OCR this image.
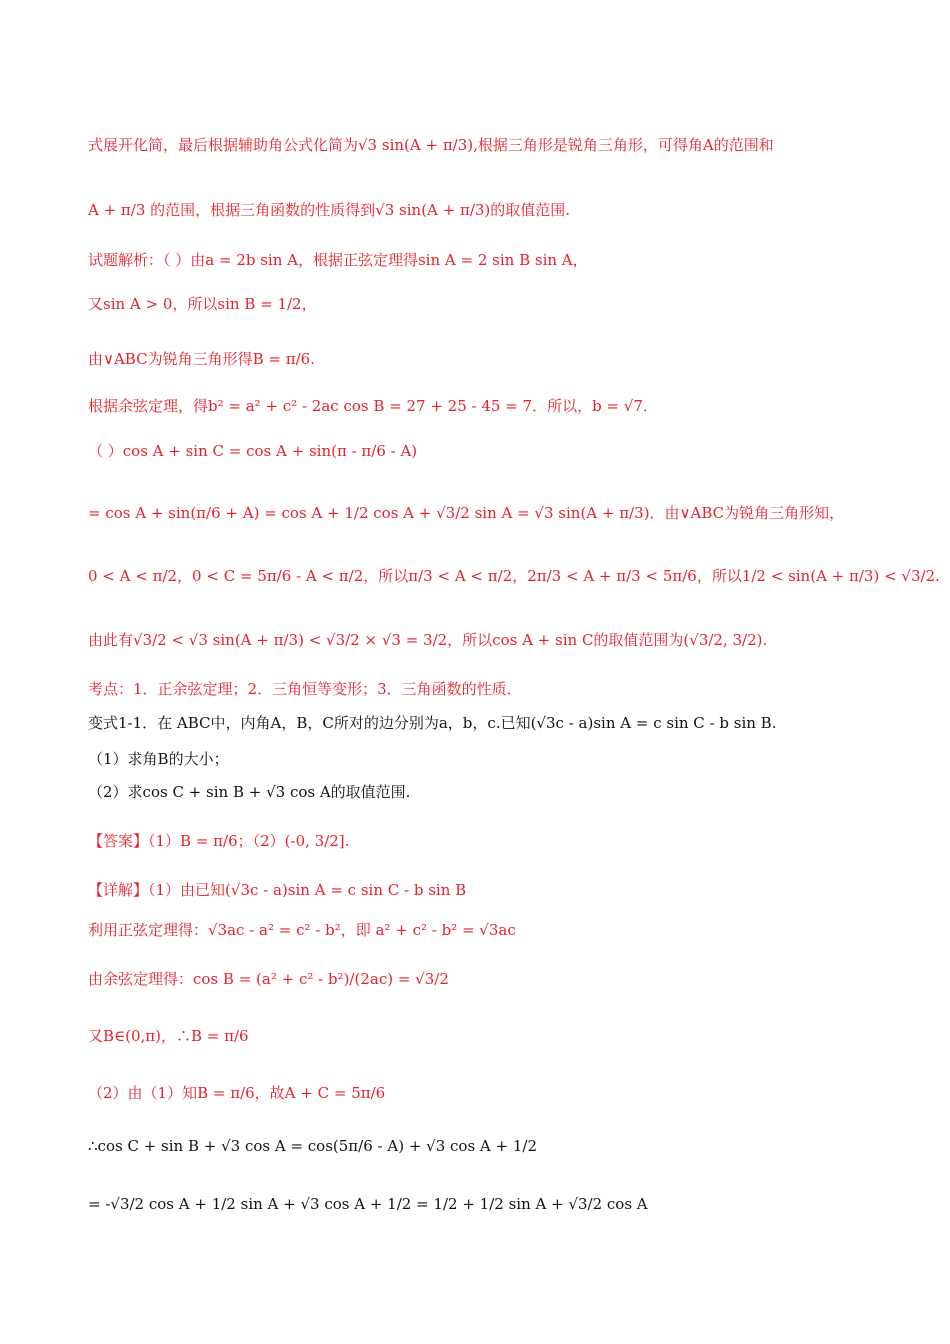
式展开化简，最后根据辅助角公式化简为√3 sin(A + π/3),根据三角形是锐角三角形，可得角A的范围和
A + π/3 的范围，根据三角函数的性质得到√3 sin(A + π/3)的取值范围.
试题解析：（ ）由a = 2b sin A，根据正弦定理得sin A = 2 sin B sin A，
又sin A > 0，所以sin B = 1/2，
由∨ABC为锐角三角形得B = π/6.
根据余弦定理，得b² = a² + c² - 2ac cos B = 27 + 25 - 45 = 7．所以，b = √7．
（ ）cos A + sin C = cos A + sin(π - π/6 - A)
= cos A + sin(π/6 + A) = cos A + 1/2 cos A + √3/2 sin A = √3 sin(A + π/3)．由∨ABC为锐角三角形知，
0 < A < π/2，0 < C = 5π/6 - A < π/2，所以π/3 < A < π/2，2π/3 < A + π/3 < 5π/6，所以1/2 < sin(A + π/3) < √3/2.
由此有√3/2 < √3 sin(A + π/3) < √3/2 × √3 = 3/2，所以cos A + sin C的取值范围为(√3/2, 3/2).
考点：1．正余弦定理；2．三角恒等变形；3．三角函数的性质．
变式1-1．在 ABC中，内角A，B，C所对的边分别为a，b，c.已知(√3c - a)sin A = c sin C - b sin B.
（1）求角B的大小；
（2）求cos C + sin B + √3 cos A的取值范围.
【答案】（1）B = π/6；（2）(-0, 3/2].
【详解】（1）由已知(√3c - a)sin A = c sin C - b sin B
利用正弦定理得：√3ac - a² = c² - b²，即 a² + c² - b² = √3ac
由余弦定理得：cos B = (a² + c² - b²)/(2ac) = √3/2
又B∈(0,π)，∴B = π/6
（2）由（1）知B = π/6，故A + C = 5π/6
∴cos C + sin B + √3 cos A = cos(5π/6 - A) + √3 cos A + 1/2
= -√3/2 cos A + 1/2 sin A + √3 cos A + 1/2 = 1/2 + 1/2 sin A + √3/2 cos A
